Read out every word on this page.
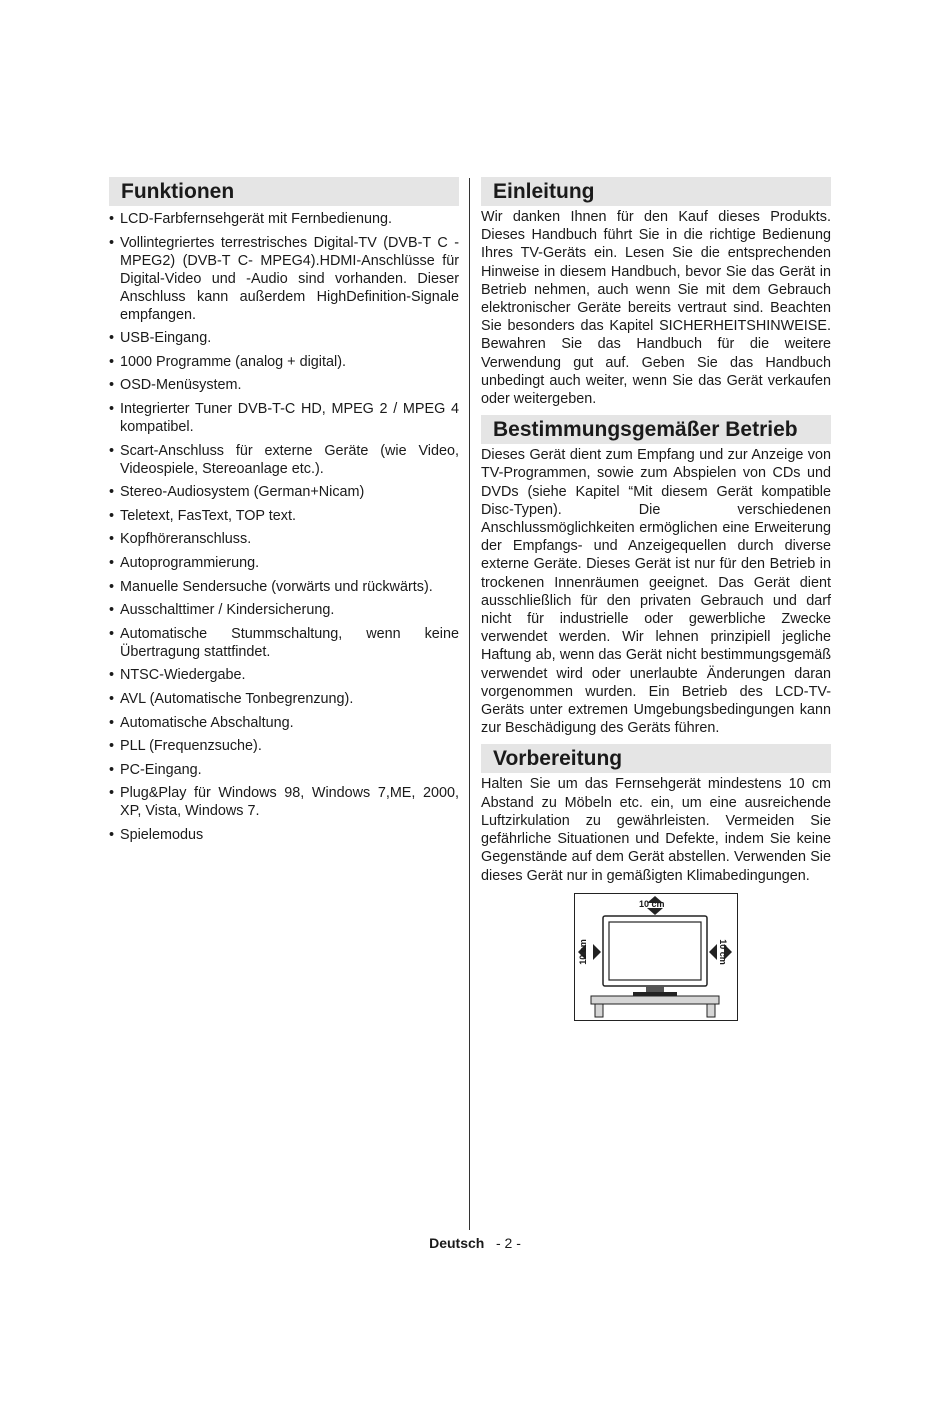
Funktionen
• LCD-Farbfernsehgerät mit Fernbedienung.
• Vollintegriertes terrestrisches Digital-TV (DVB-T C - MPEG2) (DVB-T C- MPEG4).HDMI-Anschlüsse für Digital-Video und -Audio sind vorhanden. Dieser Anschluss kann außerdem HighDefinition-Signale empfangen.
• USB-Eingang.
• 1000 Programme (analog + digital).
• OSD-Menüsystem.
• Integrierter Tuner DVB-T-C HD, MPEG 2 / MPEG 4 kompatibel.
• Scart-Anschluss für externe Geräte (wie Video, Videospiele, Stereoanlage etc.).
• Stereo-Audiosystem (German+Nicam)
• Teletext, FasText, TOP text.
• Kopfhöreranschluss.
• Autoprogrammierung.
• Manuelle Sendersuche (vorwärts und rückwärts).
• Ausschalttimer / Kindersicherung.
• Automatische Stummschaltung, wenn keine Übertragung stattfindet.
• NTSC-Wiedergabe.
• AVL (Automatische Tonbegrenzung).
• Automatische Abschaltung.
• PLL (Frequenzsuche).
• PC-Eingang.
• Plug&Play für Windows 98, Windows 7,ME, 2000, XP, Vista, Windows 7.
• Spielemodus
Einleitung

Wir danken Ihnen für den Kauf dieses Produkts. Dieses Handbuch führt Sie in die richtige Bedienung Ihres TV-Geräts ein. Lesen Sie die entsprechenden Hinweise in diesem Handbuch, bevor Sie das Gerät in Betrieb nehmen, auch wenn Sie mit dem Gebrauch elektronischer Geräte bereits vertraut sind. Beachten Sie besonders das Kapitel SICHERHEITSHINWEISE. Bewahren Sie das Handbuch für die weitere Verwendung gut auf. Geben Sie das Handbuch unbedingt auch weiter, wenn Sie das Gerät verkaufen oder weitergeben.

Bestimmungsgemäßer Betrieb

Dieses Gerät dient zum Empfang und zur Anzeige von TV-Programmen, sowie zum Abspielen von CDs und DVDs (siehe Kapitel “Mit diesem Gerät kompatible Disc-Typen). Die verschiedenen Anschlussmöglichkeiten ermöglichen eine Erweiterung der Empfangs- und Anzeigequellen durch diverse externe Geräte. Dieses Gerät ist nur für den Betrieb in trockenen Innenräumen geeignet. Das Gerät dient ausschließlich für den privaten Gebrauch und darf nicht für industrielle oder gewerbliche Zwecke verwendet werden. Wir lehnen prinzipiell jegliche Haftung ab, wenn das Gerät nicht bestimmungsgemäß verwendet wird oder unerlaubte Änderungen daran vorgenommen wurden. Ein Betrieb des LCD-TV-Geräts unter extremen Umgebungsbedingungen kann zur Beschädigung des Geräts führen.

Vorbereitung

Halten Sie um das Fernsehgerät mindestens 10 cm Abstand zu Möbeln etc. ein, um eine ausreichende Luftzirkulation zu gewährleisten. Vermeiden Sie gefährliche Situationen und Defekte, indem Sie keine Gegenstände auf dem Gerät abstellen. Verwenden Sie dieses Gerät nur in gemäßigten Klimabedingungen.

10 cm
10 cm	10 cm
Deutsch - 2 -
